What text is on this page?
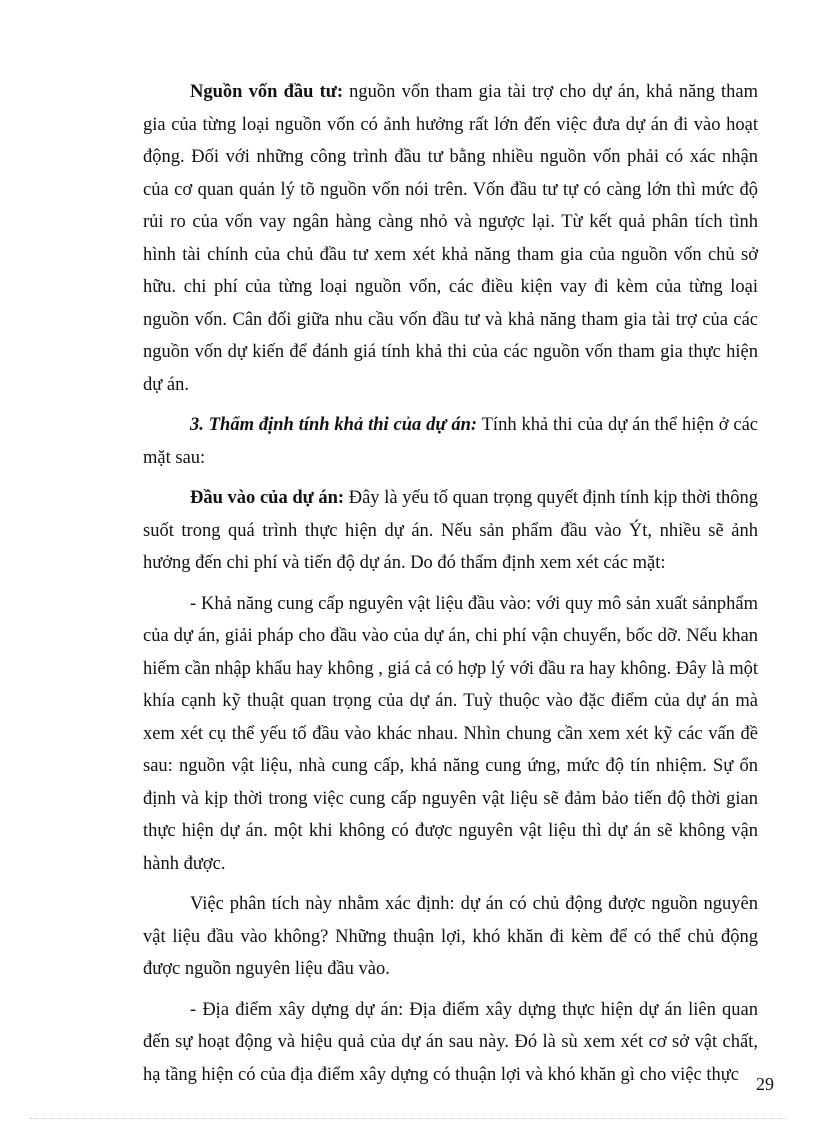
Nguồn vốn đầu tư: nguồn vốn tham gia tài trợ cho dự án, khả năng tham gia của từng loại nguồn vốn có ảnh hưởng rất lớn đến việc đưa dự án đi vào hoạt động. Đối với những công trình đầu tư bằng nhiều nguồn vốn phải có xác nhận của cơ quan quản lý tõ nguồn vốn nói trên. Vốn đầu tư tự có càng lớn thì mức độ rủi ro của vốn vay ngân hàng càng nhỏ và ngược lại. Từ kết quả phân tích tình hình tài chính của chủ đầu tư xem xét khả năng tham gia của nguồn vốn chủ sở hữu. chi phí của từng loại nguồn vốn, các điều kiện vay đi kèm của từng loại nguồn vốn. Cân đối giữa nhu cầu vốn đầu tư và khả năng tham gia tài trợ của các nguồn vốn dự kiến để đánh giá tính khả thi của các nguồn vốn tham gia thực hiện dự án.

3. Thẩm định tính khả thi của dự án: Tính khả thi của dự án thể hiện ở các mặt sau:

Đầu vào của dự án: Đây là yếu tố quan trọng quyết định tính kịp thời thông suốt trong quá trình thực hiện dự án. Nếu sản phẩm đầu vào Ýt, nhiều sẽ ảnh hưởng đến chi phí và tiến độ dự án. Do đó thẩm định xem xét các mặt:

- Khả năng cung cấp nguyên vật liệu đầu vào: với quy mô sản xuất sảnphẩm của dự án, giải pháp cho đầu vào của dự án, chi phí vận chuyển, bốc dỡ. Nếu khan hiếm cần nhập khẩu hay không , giá cả có hợp lý với đầu ra hay không. Đây là một khía cạnh kỹ thuật quan trọng của dự án. Tuỳ thuộc vào đặc điểm của dự án mà xem xét cụ thể yếu tố đầu vào khác nhau. Nhìn chung cần xem xét kỹ các vấn đề sau: nguồn vật liệu, nhà cung cấp, khả năng cung ứng, mức độ tín nhiệm. Sự ổn định và kịp thời trong việc cung cấp nguyên vật liệu sẽ đảm bảo tiến độ thời gian thực hiện dự án. một khi không có được nguyên vật liệu thì dự án sẽ không vận hành được.

Việc phân tích này nhằm xác định: dự án có chủ động được nguồn nguyên vật liệu đầu vào không? Những thuận lợi, khó khăn đi kèm để có thể chủ động được nguồn nguyên liệu đầu vào.

- Địa điểm xây dựng dự án: Địa điểm xây dựng thực hiện dự án liên quan đến sự hoạt động và hiệu quả của dự án sau này. Đó là sù xem xét cơ sở vật chất, hạ tầng hiện có của địa điểm xây dựng có thuận lợi và khó khăn gì cho việc thực 29
